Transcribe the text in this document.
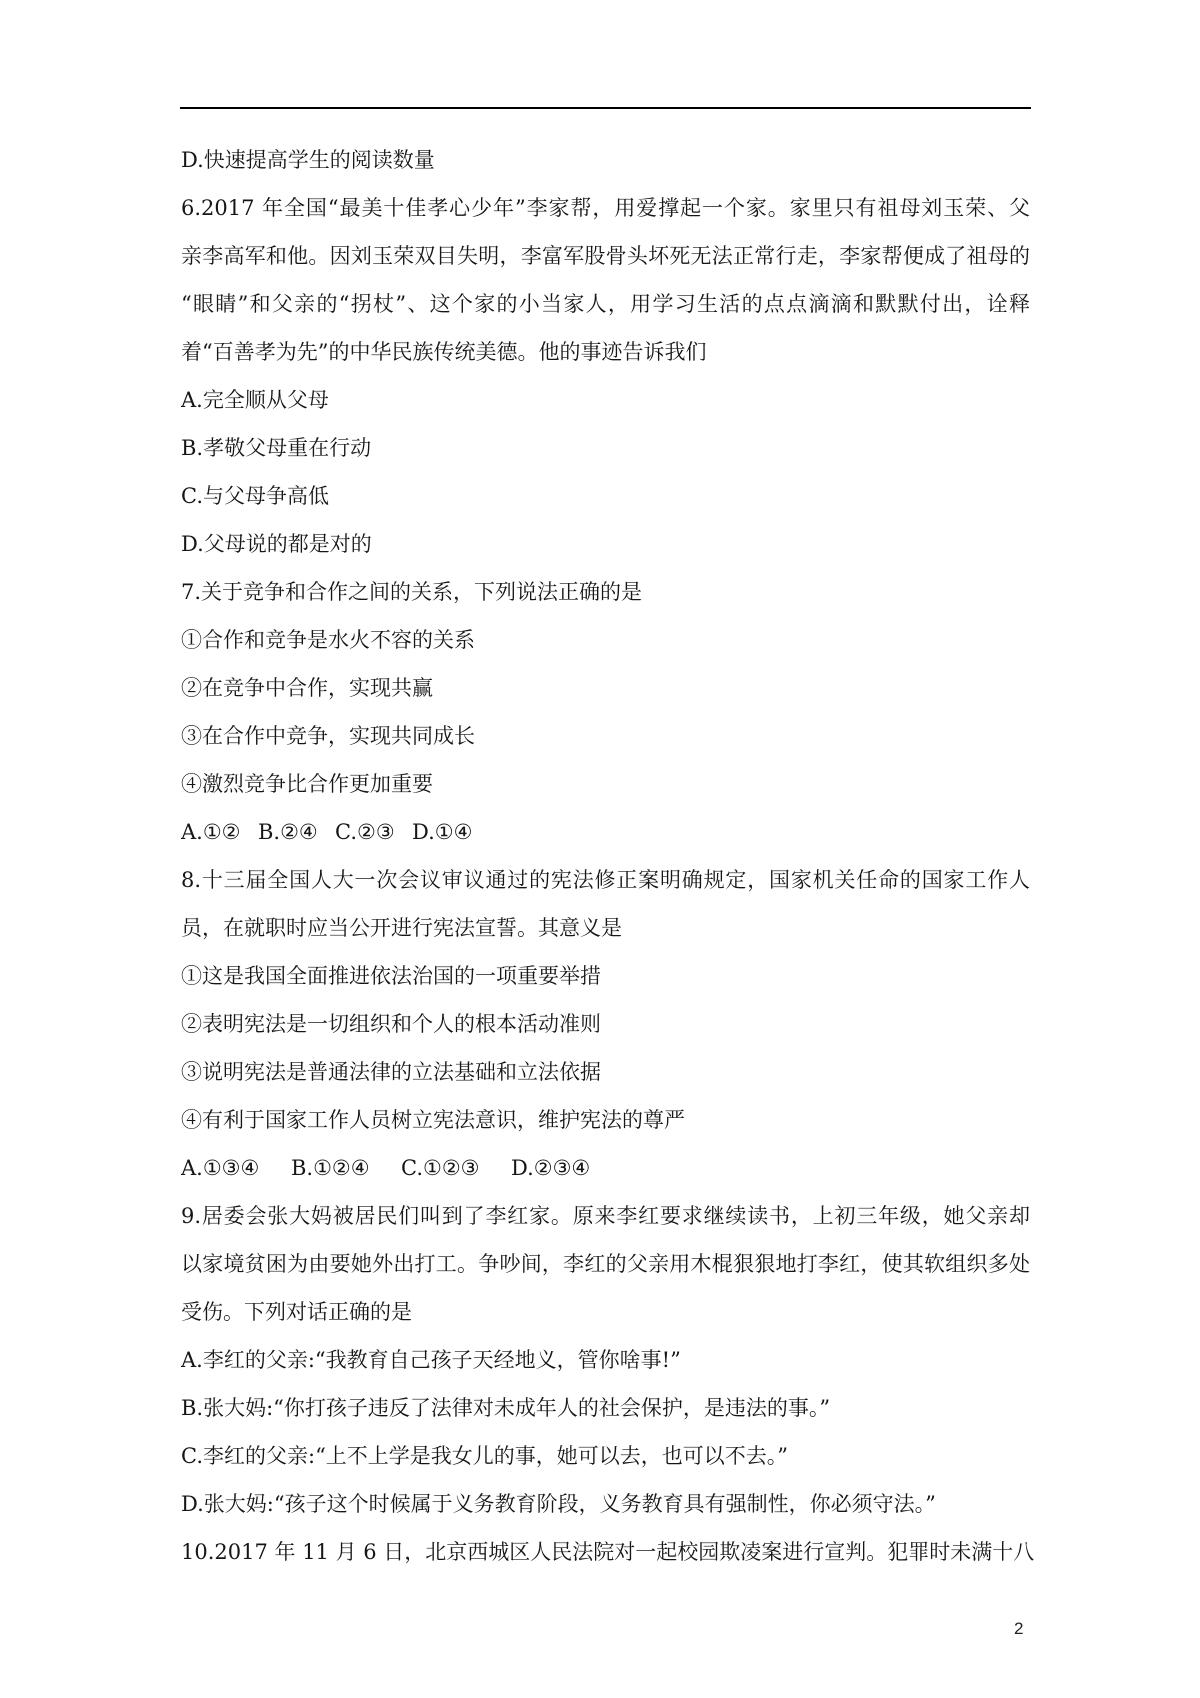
D.快速提高学生的阅读数量
6.2017 年全国“最美十佳孝心少年”李家帮，用爱撑起一个家。家里只有祖母刘玉荣、父
亲李高军和他。因刘玉荣双目失明，李富军股骨头坏死无法正常行走，李家帮便成了祖母的
“眼睛”和父亲的“拐杖”、这个家的小当家人，用学习生活的点点滴滴和默默付出，诠释
着“百善孝为先”的中华民族传统美德。他的事迹告诉我们
A.完全顺从父母
B.孝敬父母重在行动
C.与父母争高低
D.父母说的都是对的
7.关于竞争和合作之间的关系，下列说法正确的是
①合作和竞争是水火不容的关系
②在竞争中合作，实现共赢
③在合作中竞争，实现共同成长
④激烈竞争比合作更加重要
A.①② B.②④ C.②③ D.①④
8.十三届全国人大一次会议审议通过的宪法修正案明确规定，国家机关任命的国家工作人
员，在就职时应当公开进行宪法宣誓。其意义是
①这是我国全面推进依法治国的一项重要举措
②表明宪法是一切组织和个人的根本活动准则
③说明宪法是普通法律的立法基础和立法依据
④有利于国家工作人员树立宪法意识，维护宪法的尊严
A.①③④ B.①②④ C.①②③ D.②③④
9.居委会张大妈被居民们叫到了李红家。原来李红要求继续读书，上初三年级，她父亲却
以家境贫困为由要她外出打工。争吵间，李红的父亲用木棍狠狠地打李红，使其软组织多处
受伤。下列对话正确的是
A.李红的父亲:“我教育自己孩子天经地义，管你啥事!”
B.张大妈:“你打孩子违反了法律对未成年人的社会保护，是违法的事。”
C.李红的父亲:“上不上学是我女儿的事，她可以去，也可以不去。”
D.张大妈:“孩子这个时候属于义务教育阶段，义务教育具有强制性，你必须守法。”
10.2017 年 11 月 6 日，北京西城区人民法院对一起校园欺凌案进行宣判。犯罪时未满十八
2
